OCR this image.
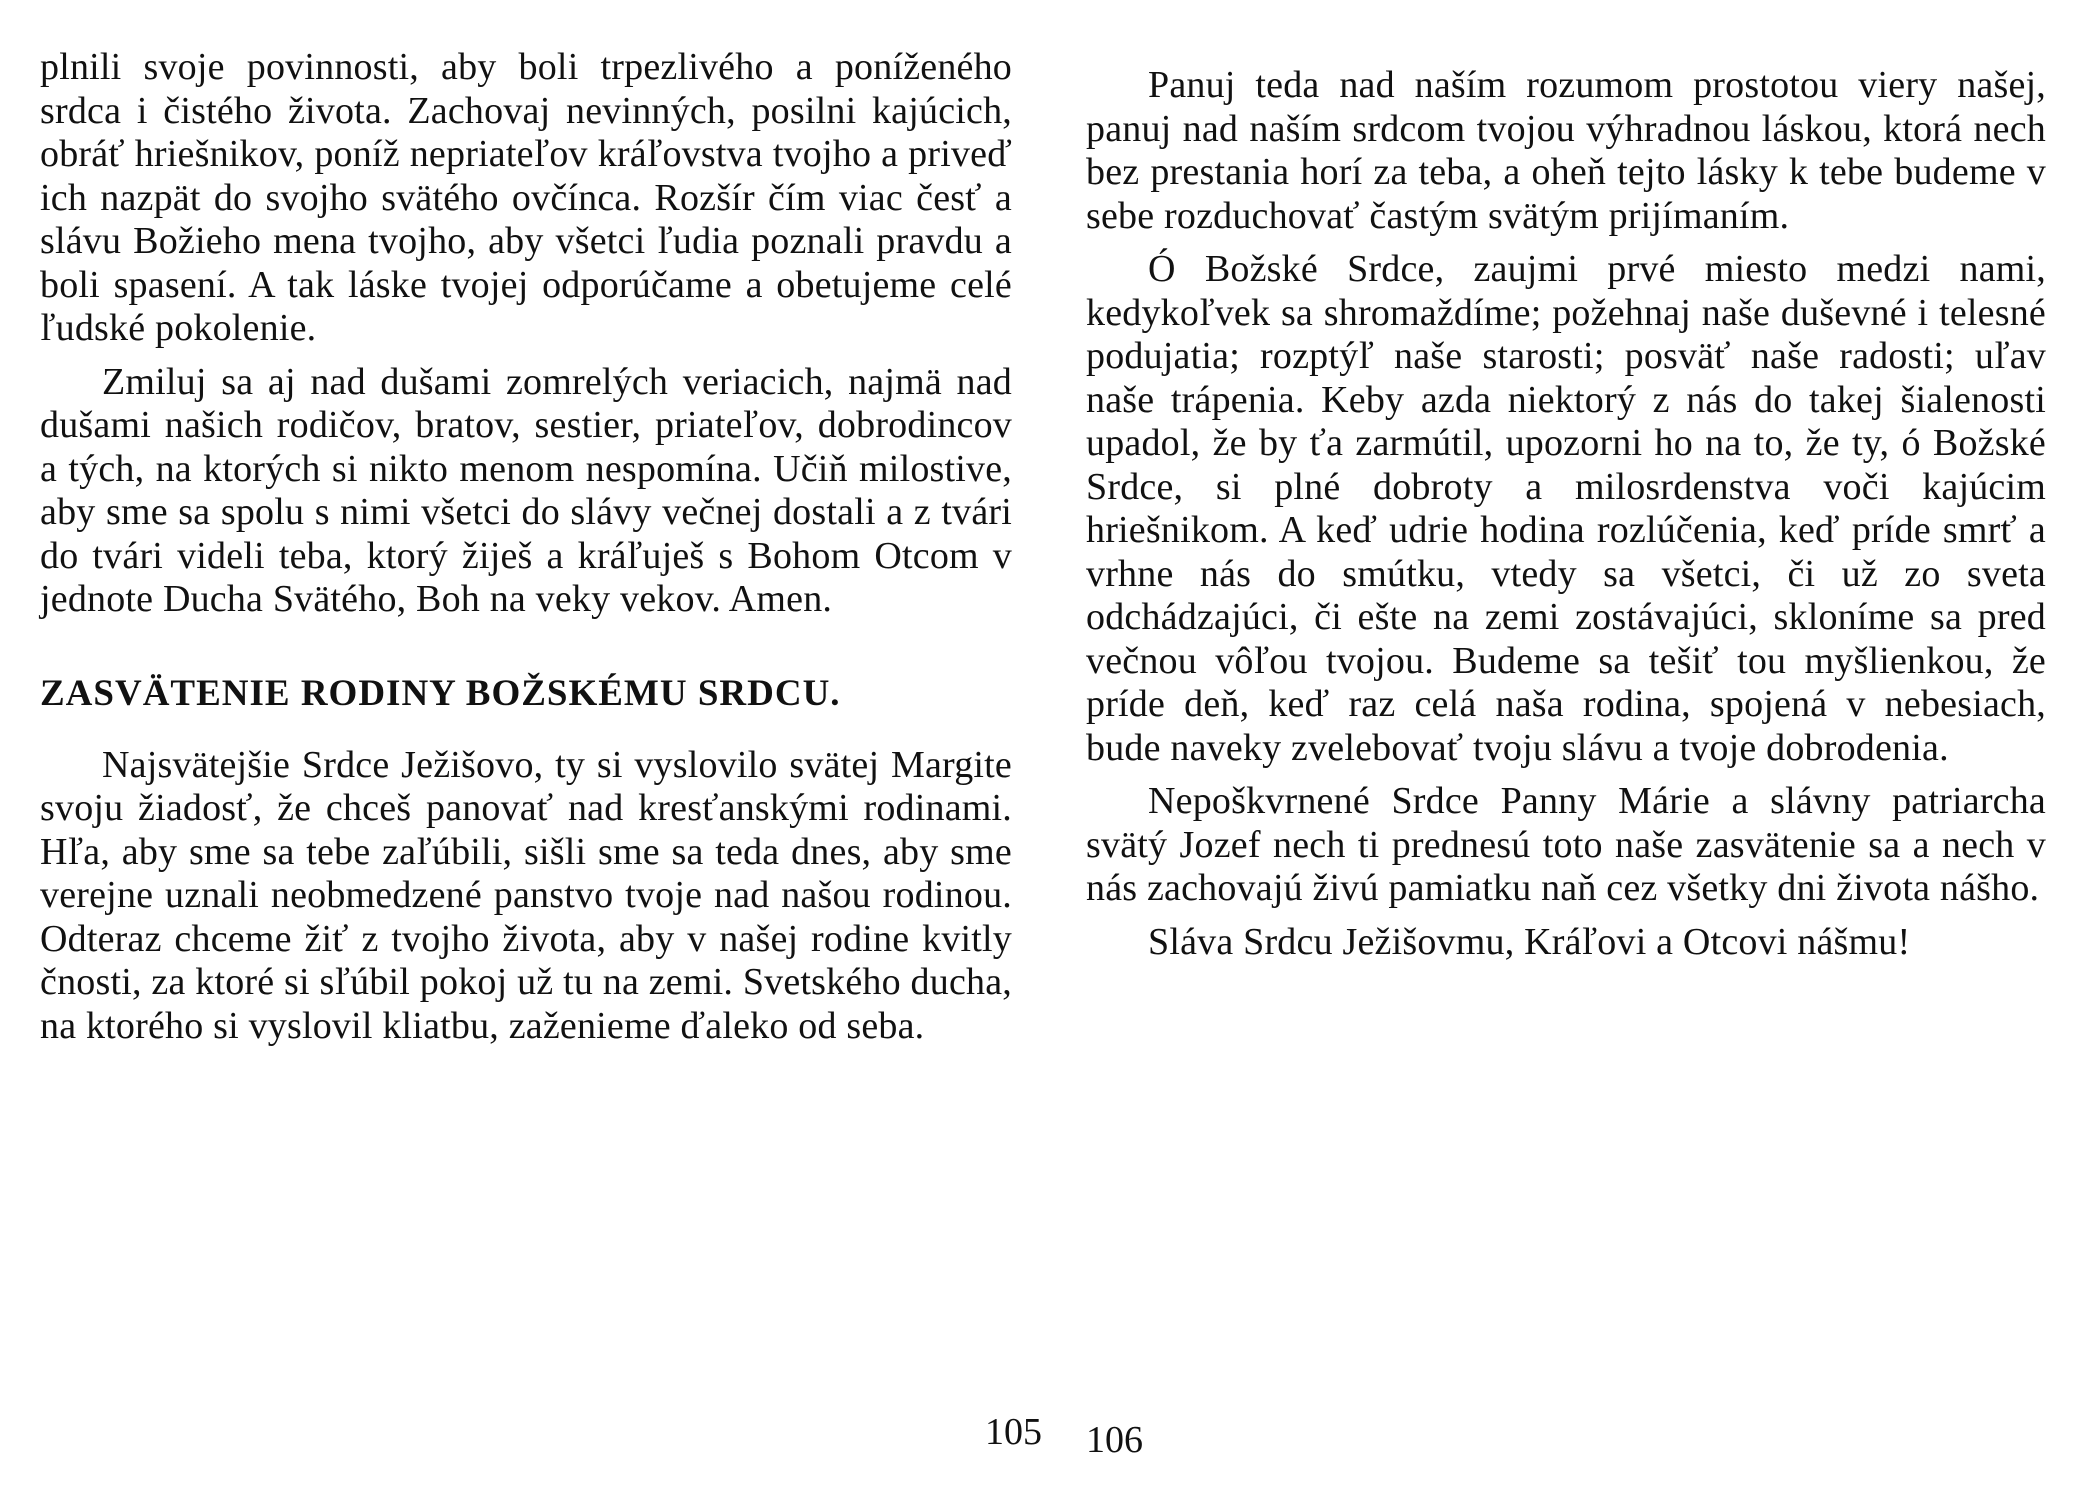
plnili svoje povinnosti, aby boli trpezlivého a poníženého srdca i čistého života. Zachovaj nevinných, posilni kajúcich, obráť hriešnikov, poníž nepriateľov kráľovstva tvojho a priveď ich nazpät do svojho svätého ovčínca. Rozšír čím viac česť a slávu Božieho mena tvojho, aby všetci ľudia poznali pravdu a boli spasení. A tak láske tvojej odporúčame a obetujeme celé ľudské pokolenie.

Zmiluj sa aj nad dušami zomrelých veriacich, najmä nad dušami našich rodičov, bratov, sestier, priateľov, dobrodincov a tých, na ktorých si nikto menom nespomína. Učiň milostive, aby sme sa spolu s nimi všetci do slávy večnej dostali a z tvári do tvári videli teba, ktorý žiješ a kráľuješ s Bohom Otcom v jednote Ducha Svätého, Boh na veky vekov. Amen.

ZASVÄTENIE RODINY BOŽSKÉMU SRDCU.

Najsvätejšie Srdce Ježišovo, ty si vyslovilo svätej Margite svoju žiadosť, že chceš panovať nad kresťanskými rodinami. Hľa, aby sme sa tebe zaľúbili, sišli sme sa teda dnes, aby sme verejne uznali neobmedzené panstvo tvoje nad našou rodinou. Odteraz chceme žiť z tvojho života, aby v našej rodine kvitly čnosti, za ktoré si sľúbil pokoj už tu na zemi. Svetského ducha, na ktorého si vyslovil kliatbu, zaženieme ďaleko od seba.

105

Panuj teda nad naším rozumom prostotou viery našej, panuj nad naším srdcom tvojou výhradnou láskou, ktorá nech bez prestania horí za teba, a oheň tejto lásky k tebe budeme v sebe rozduchovať častým svätým prijímaním.

Ó Božské Srdce, zaujmi prvé miesto medzi nami, kedykoľvek sa shromaždíme; požehnaj naše duševné i telesné podujatia; rozptýľ naše starosti; posväť naše radosti; uľav naše trápenia. Keby azda niektorý z nás do takej šialenosti upadol, že by ťa zarmútil, upozorni ho na to, že ty, ó Božské Srdce, si plné dobroty a milosrdenstva voči kajúcim hriešnikom. A keď udrie hodina rozlúčenia, keď príde smrť a vrhne nás do smútku, vtedy sa všetci, či už zo sveta odchádzajúci, či ešte na zemi zostávajúci, skloníme sa pred večnou vôľou tvojou. Budeme sa tešiť tou myšlienkou, že príde deň, keď raz celá naša rodina, spojená v nebesiach, bude naveky zvelebovať tvoju slávu a tvoje dobrodenia.

Nepoškvrnené Srdce Panny Márie a slávny patriarcha svätý Jozef nech ti prednesú toto naše zasvätenie sa a nech v nás zachovajú živú pamiatku naň cez všetky dni života nášho.

Sláva Srdcu Ježišovmu, Kráľovi a Otcovi nášmu!

106
